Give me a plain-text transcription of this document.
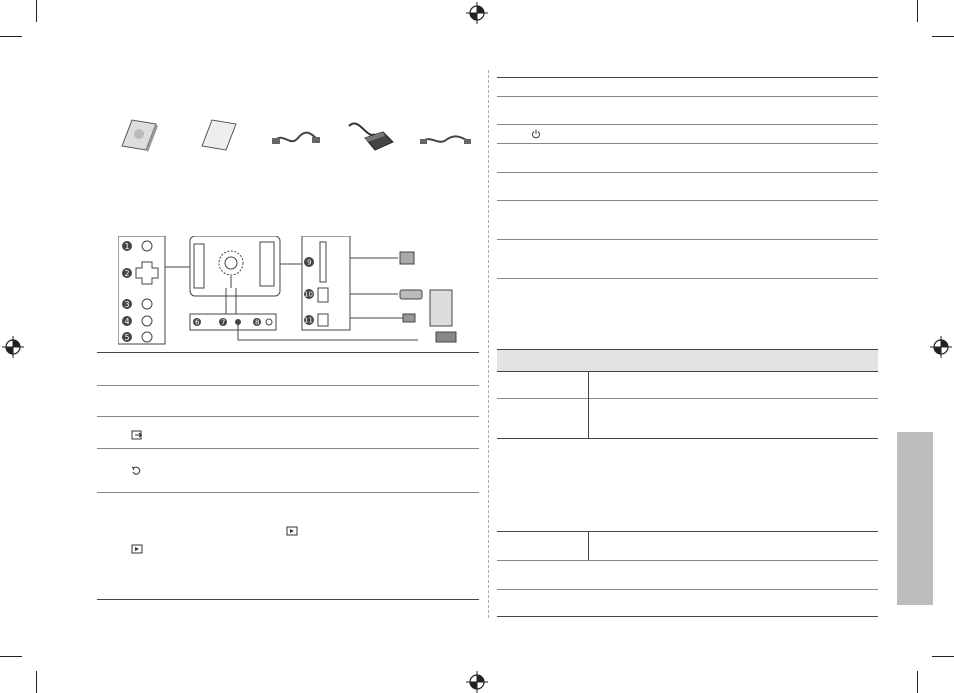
1
2
3
4
5
6	7	8
9
10
11
